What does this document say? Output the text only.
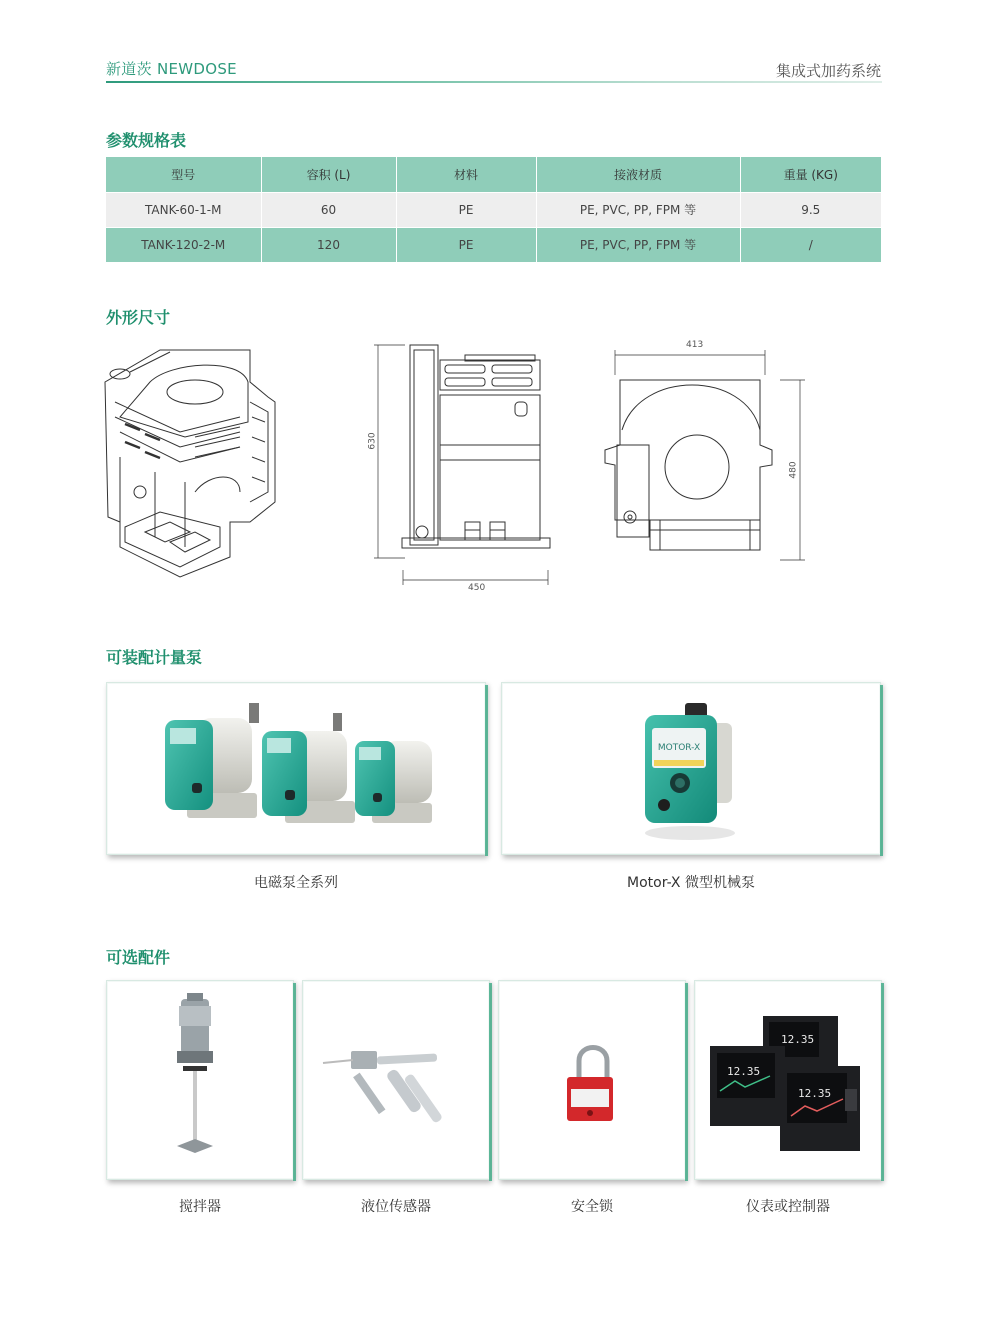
新道茨 NEWDOSE	集成式加药系统
参数规格表
型号	容积 (L)	材料	接液材质	重量 (KG)
TANK-60-1-M	60	PE	PE, PVC, PP, FPM 等	9.5
TANK-120-2-M	120	PE	PE, PVC, PP, FPM 等	/
外形尺寸
630
450
413
480
可装配计量泵
MOTOR-X
电磁泵全系列	Motor-X 微型机械泵
可选配件
12.35
12.35
12.35
搅拌器	液位传感器	安全锁	仪表或控制器
